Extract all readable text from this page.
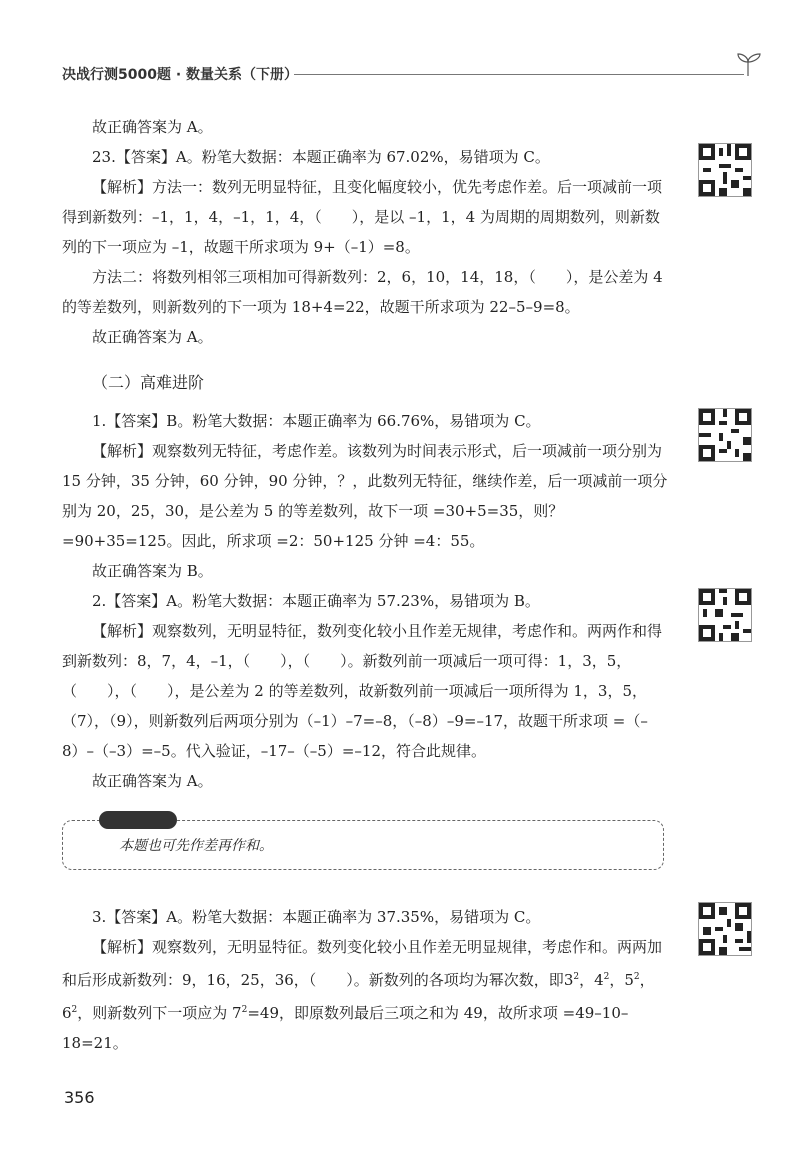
决战行测5000题 · 数量关系（下册）

故正确答案为 A。

23.【答案】A。粉笔大数据：本题正确率为 67.02%，易错项为 C。

【解析】方法一：数列无明显特征，且变化幅度较小，优先考虑作差。后一项减前一项得到新数列：–1，1，4，–1，1，4，（　　），是以 –1，1，4 为周期的周期数列，则新数列的下一项应为 –1，故题干所求项为 9+（–1）=8。

方法二：将数列相邻三项相加可得新数列：2，6，10，14，18，（　　），是公差为 4 的等差数列，则新数列的下一项为 18+4=22，故题干所求项为 22–5–9=8。

故正确答案为 A。

（二）高难进阶

1.【答案】B。粉笔大数据：本题正确率为 66.76%，易错项为 C。

【解析】观察数列无特征，考虑作差。该数列为时间表示形式，后一项减前一项分别为 15 分钟，35 分钟，60 分钟，90 分钟，？，此数列无特征，继续作差，后一项减前一项分别为 20，25，30，是公差为 5 的等差数列，故下一项 =30+5=35，则？=90+35=125。因此，所求项 =2：50+125 分钟 =4：55。

故正确答案为 B。

2.【答案】A。粉笔大数据：本题正确率为 57.23%，易错项为 B。

【解析】观察数列，无明显特征，数列变化较小且作差无规律，考虑作和。两两作和得到新数列：8，7，4，–1，（　　），（　　）。新数列前一项减后一项可得：1，3，5，（　　），（　　），是公差为 2 的等差数列，故新数列前一项减后一项所得为 1，3，5，（7），（9），则新数列后两项分别为（–1）–7=–8，（–8）–9=–17，故题干所求项 =（–8）–（–3）=–5。代入验证，–17–（–5）=–12，符合此规律。

故正确答案为 A。

本题也可先作差再作和。

3.【答案】A。粉笔大数据：本题正确率为 37.35%，易错项为 C。

【解析】观察数列，无明显特征。数列变化较小且作差无明显规律，考虑作和。两两加和后形成新数列：9，16，25，36，（　　）。新数列的各项均为幂次数，即$3^2$，$4^2$，$5^2$，$6^2$，则新数列下一项应为 $7^2=49$，即原数列最后三项之和为 49，故所求项 =49–10–18=21。

356
